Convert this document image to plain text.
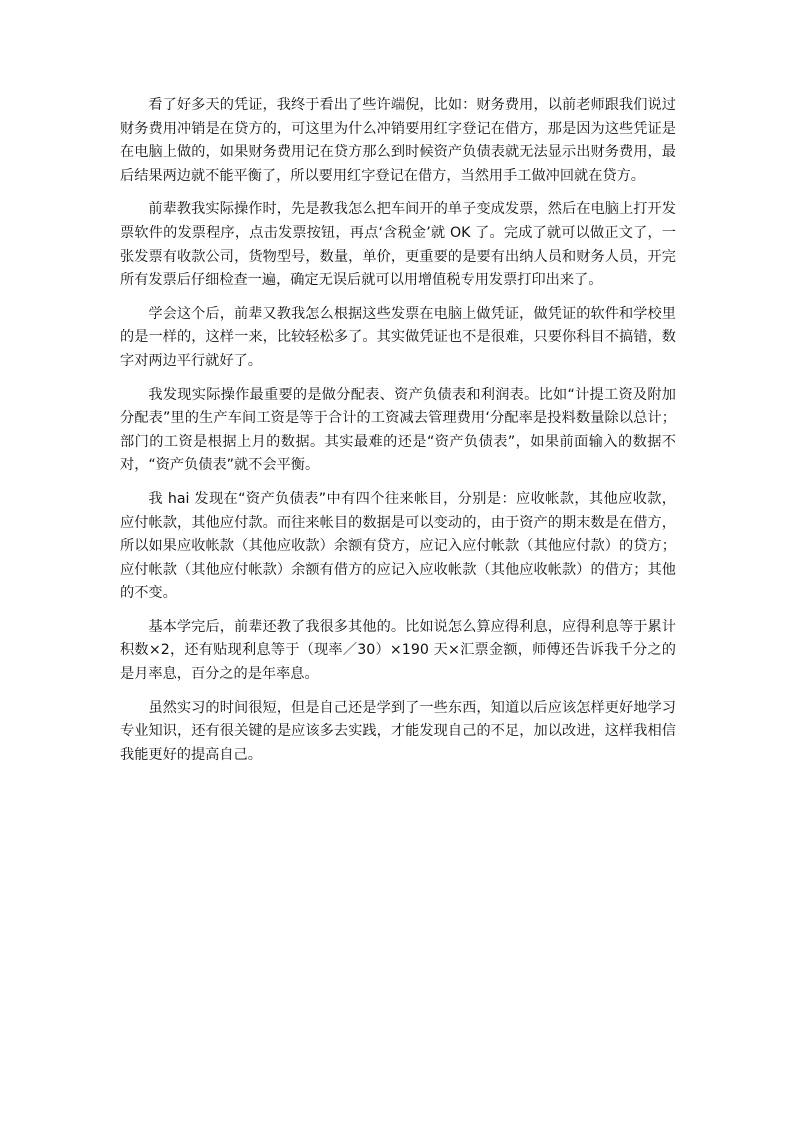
看了好多天的凭证，我终于看出了些许端倪，比如：财务费用，以前老师跟我们说过财务费用冲销是在贷方的，可这里为什么冲销要用红字登记在借方，那是因为这些凭证是在电脑上做的，如果财务费用记在贷方那么到时候资产负债表就无法显示出财务费用，最后结果两边就不能平衡了，所以要用红字登记在借方，当然用手工做冲回就在贷方。

前辈教我实际操作时，先是教我怎么把车间开的单子变成发票，然后在电脑上打开发票软件的发票程序，点击发票按钮，再点‘含税金’就 OK 了。完成了就可以做正文了，一张发票有收款公司，货物型号，数量，单价，更重要的是要有出纳人员和财务人员，开完所有发票后仔细检查一遍，确定无误后就可以用增值税专用发票打印出来了。

学会这个后，前辈又教我怎么根据这些发票在电脑上做凭证，做凭证的软件和学校里的是一样的，这样一来，比较轻松多了。其实做凭证也不是很难，只要你科目不搞错，数字对两边平行就好了。

我发现实际操作最重要的是做分配表、资产负债表和利润表。比如“计提工资及附加分配表”里的生产车间工资是等于合计的工资减去管理费用‘分配率是投料数量除以总计；部门的工资是根据上月的数据。其实最难的还是“资产负债表”，如果前面输入的数据不对，“资产负债表”就不会平衡。

我 hai 发现在“资产负债表”中有四个往来帐目，分别是：应收帐款，其他应收款，应付帐款，其他应付款。而往来帐目的数据是可以变动的，由于资产的期末数是在借方，所以如果应收帐款（其他应收款）余额有贷方，应记入应付帐款（其他应付款）的贷方；应付帐款（其他应付帐款）余额有借方的应记入应收帐款（其他应收帐款）的借方；其他的不变。

基本学完后，前辈还教了我很多其他的。比如说怎么算应得利息，应得利息等于累计积数×2，还有贴现利息等于（现率／30）×190 天×汇票金额，师傅还告诉我千分之的是月率息，百分之的是年率息。

虽然实习的时间很短，但是自己还是学到了一些东西，知道以后应该怎样更好地学习专业知识，还有很关键的是应该多去实践，才能发现自己的不足，加以改进，这样我相信我能更好的提高自己。
